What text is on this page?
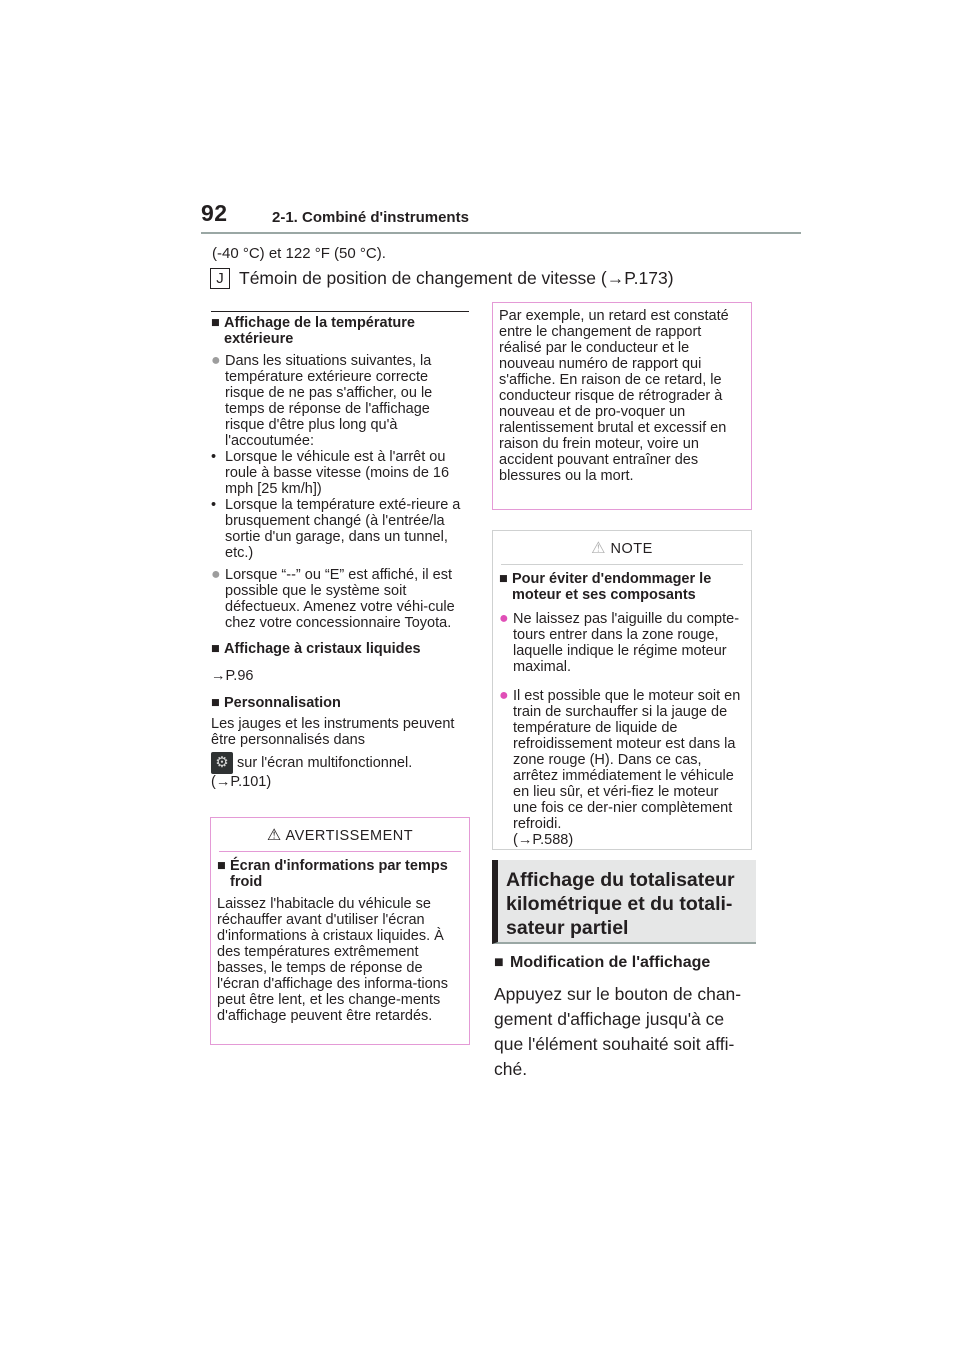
92	2-1. Combiné d'instruments
(-40 °C) et 122 °F (50 °C).
J Témoin de position de changement de vitesse (→P.173)
■ Affichage de la température extérieure
● Dans les situations suivantes, la température extérieure correcte risque de ne pas s'afficher, ou le temps de réponse de l'affichage risque d'être plus long qu'à l'accoutumée:
• Lorsque le véhicule est à l'arrêt ou roule à basse vitesse (moins de 16 mph [25 km/h])
• Lorsque la température exté-rieure a brusquement changé (à l'entrée/la sortie d'un garage, dans un tunnel, etc.)
● Lorsque “--” ou “E” est affiché, il est possible que le système soit défectueux. Amenez votre véhi-cule chez votre concessionnaire Toyota.
■ Affichage à cristaux liquides
→P.96
■ Personnalisation
Les jauges et les instruments peuvent être personnalisés dans
⚙ sur l'écran multifonctionnel.
(→P.101)
⚠ AVERTISSEMENT
■ Écran d'informations par temps froid
Laissez l'habitacle du véhicule se réchauffer avant d'utiliser l'écran d'informations à cristaux liquides. À des températures extrêmement basses, le temps de réponse de l'écran d'affichage des informa-tions peut être lent, et les change-ments d'affichage peuvent être retardés.
Par exemple, un retard est constaté entre le changement de rapport réalisé par le conducteur et le nouveau numéro de rapport qui s'affiche. En raison de ce retard, le conducteur risque de rétrograder à nouveau et de pro-voquer un ralentissement brutal et excessif en raison du frein moteur, voire un accident pouvant entraîner des blessures ou la mort.
⚠ NOTE
■ Pour éviter d'endommager le moteur et ses composants
● Ne laissez pas l'aiguille du compte-tours entrer dans la zone rouge, laquelle indique le régime moteur maximal.
● Il est possible que le moteur soit en train de surchauffer si la jauge de température de liquide de refroidissement moteur est dans la zone rouge (H). Dans ce cas, arrêtez immédiatement le véhicule en lieu sûr, et véri-fiez le moteur une fois ce der-nier complètement refroidi.
(→P.588)
Affichage du totalisateur
kilométrique et du totali-
sateur partiel
■ Modification de l'affichage
Appuyez sur le bouton de chan-gement d'affichage jusqu'à ce que l'élément souhaité soit affi-ché.
